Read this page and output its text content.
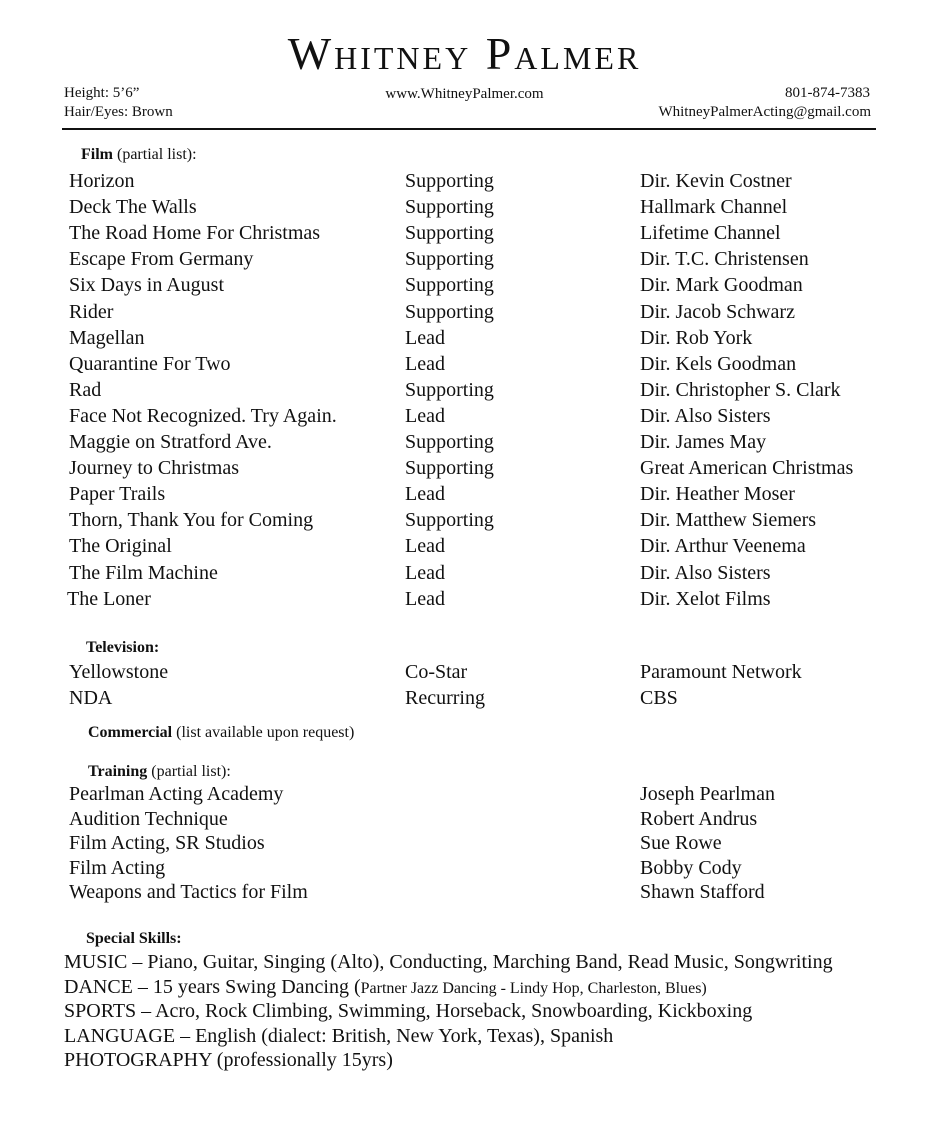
Whitney Palmer
Height: 5’6”
Hair/Eyes: Brown
www.WhitneyPalmer.com	801-874-7383
WhitneyPalmerActing@gmail.com
Film (partial list):
Horizon	Supporting	Dir. Kevin Costner
Deck The Walls	Supporting	Hallmark Channel
The Road Home For Christmas	Supporting	Lifetime Channel
Escape From Germany	Supporting	Dir. T.C. Christensen
Six Days in August	Supporting	Dir. Mark Goodman
Rider	Supporting	Dir. Jacob Schwarz
Magellan	Lead	Dir. Rob York
Quarantine For Two	Lead	Dir. Kels Goodman
Rad	Supporting	Dir. Christopher S. Clark
Face Not Recognized. Try Again.	Lead	Dir. Also Sisters
Maggie on Stratford Ave.	Supporting	Dir. James May
Journey to Christmas	Supporting	Great American Christmas
Paper Trails	Lead	Dir. Heather Moser
Thorn, Thank You for Coming	Supporting	Dir. Matthew Siemers
The Original	Lead	Dir. Arthur Veenema
The Film Machine	Lead	Dir. Also Sisters
The Loner	Lead	Dir. Xelot Films
Television:
Yellowstone	Co-Star	Paramount Network
NDA	Recurring	CBS
Commercial (list available upon request)
Training (partial list):
Pearlman Acting Academy	Joseph Pearlman
Audition Technique	Robert Andrus
Film Acting, SR Studios	Sue Rowe
Film Acting	Bobby Cody
Weapons and Tactics for Film	Shawn Stafford
Special Skills:
MUSIC – Piano, Guitar, Singing (Alto), Conducting, Marching Band, Read Music, Songwriting
DANCE – 15 years Swing Dancing (Partner Jazz Dancing - Lindy Hop, Charleston, Blues)
SPORTS – Acro, Rock Climbing, Swimming, Horseback, Snowboarding, Kickboxing
LANGUAGE – English (dialect: British, New York, Texas), Spanish
PHOTOGRAPHY (professionally 15yrs)
